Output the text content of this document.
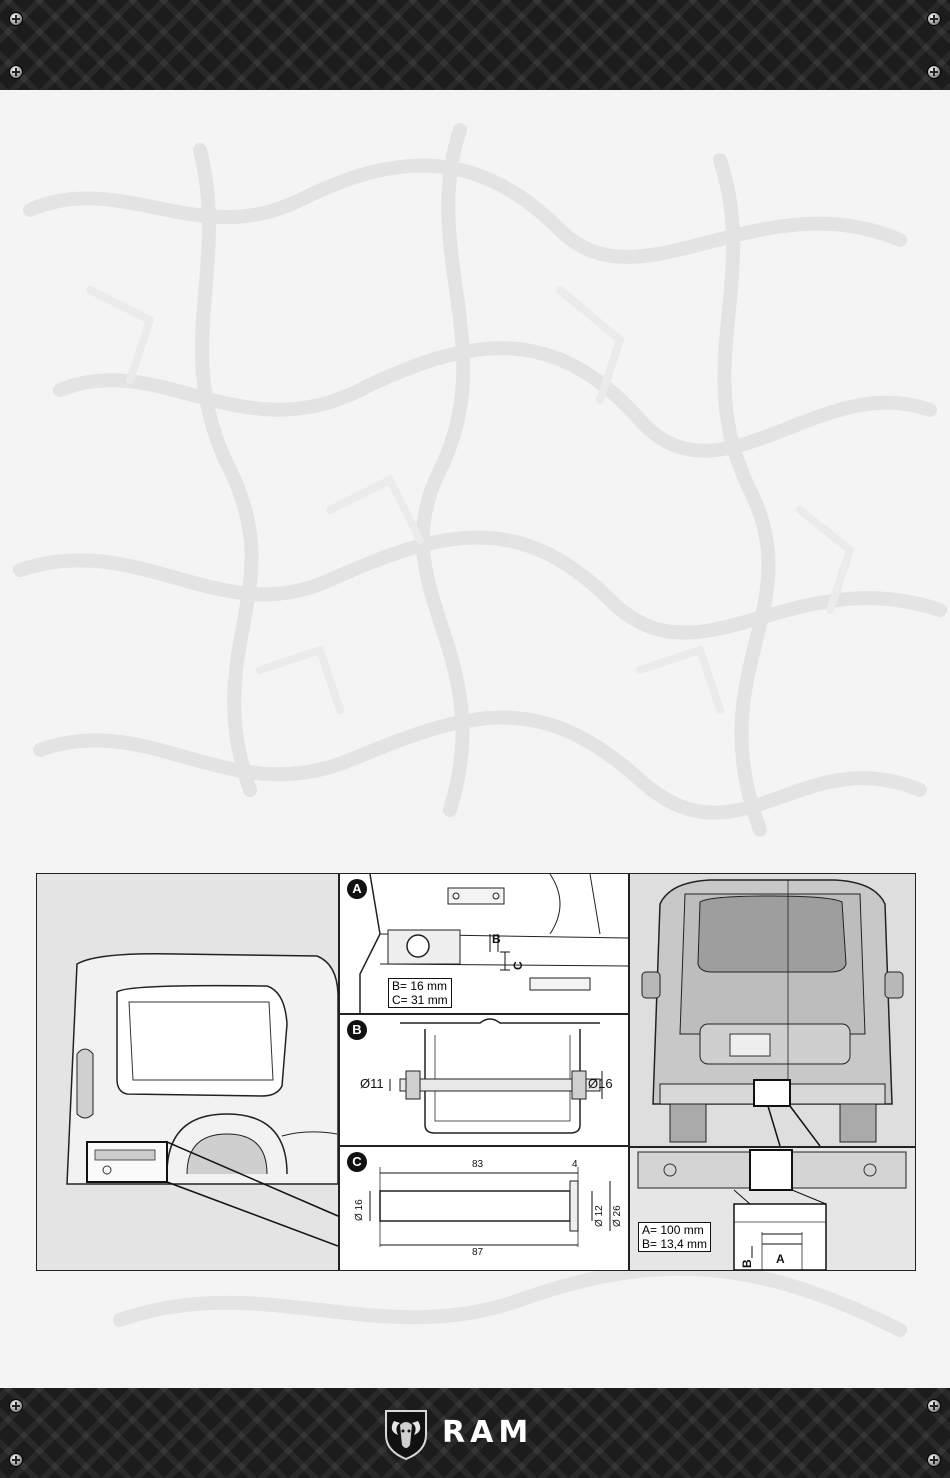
A
B
C
B= 16 mm
C= 31 mm
B
Ø11	Ø16
C	83	4
87
Ø 16	Ø 12 Ø 26
A= 100 mm
B= 13,4 mm
A
B
RAM
